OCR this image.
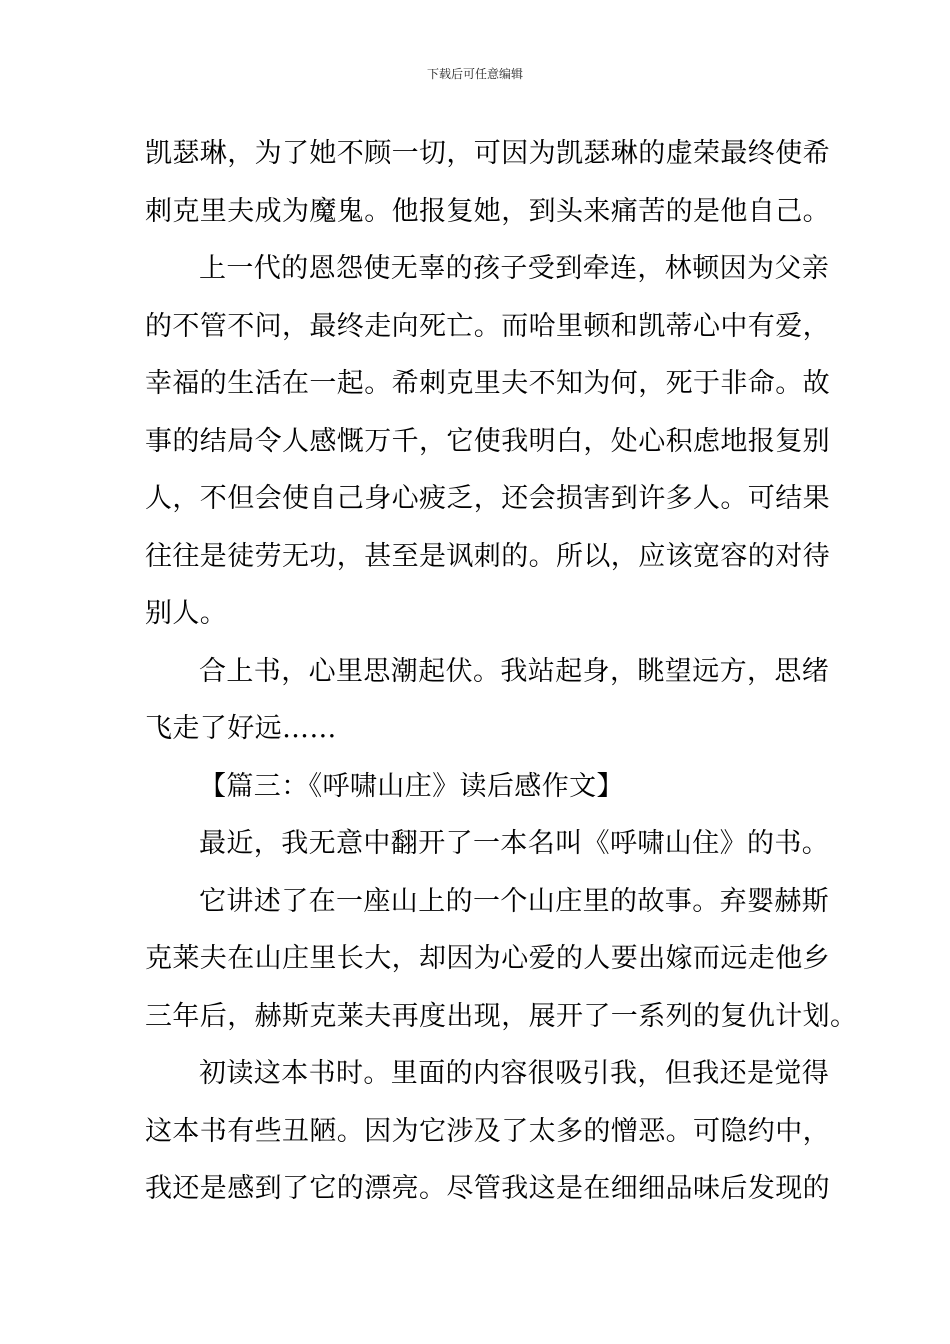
下载后可任意编辑

凯瑟琳，为了她不顾一切，可因为凯瑟琳的虚荣最终使希
刺克里夫成为魔鬼。他报复她，到头来痛苦的是他自己。

上一代的恩怨使无辜的孩子受到牵连，林顿因为父亲
的不管不问，最终走向死亡。而哈里顿和凯蒂心中有爱，
幸福的生活在一起。希刺克里夫不知为何，死于非命。故
事的结局令人感慨万千，它使我明白，处心积虑地报复别
人，不但会使自己身心疲乏，还会损害到许多人。可结果
往往是徒劳无功，甚至是讽刺的。所以，应该宽容的对待
别人。

合上书，心里思潮起伏。我站起身，眺望远方，思绪
飞走了好远……

【篇三：《呼啸山庄》读后感作文】

最近，我无意中翻开了一本名叫《呼啸山住》的书。

它讲述了在一座山上的一个山庄里的故事。弃婴赫斯
克莱夫在山庄里长大，却因为心爱的人要出嫁而远走他乡
三年后，赫斯克莱夫再度出现，展开了一系列的复仇计划。

初读这本书时。里面的内容很吸引我，但我还是觉得
这本书有些丑陋。因为它涉及了太多的憎恶。可隐约中，
我还是感到了它的漂亮。尽管我这是在细细品味后发现的
